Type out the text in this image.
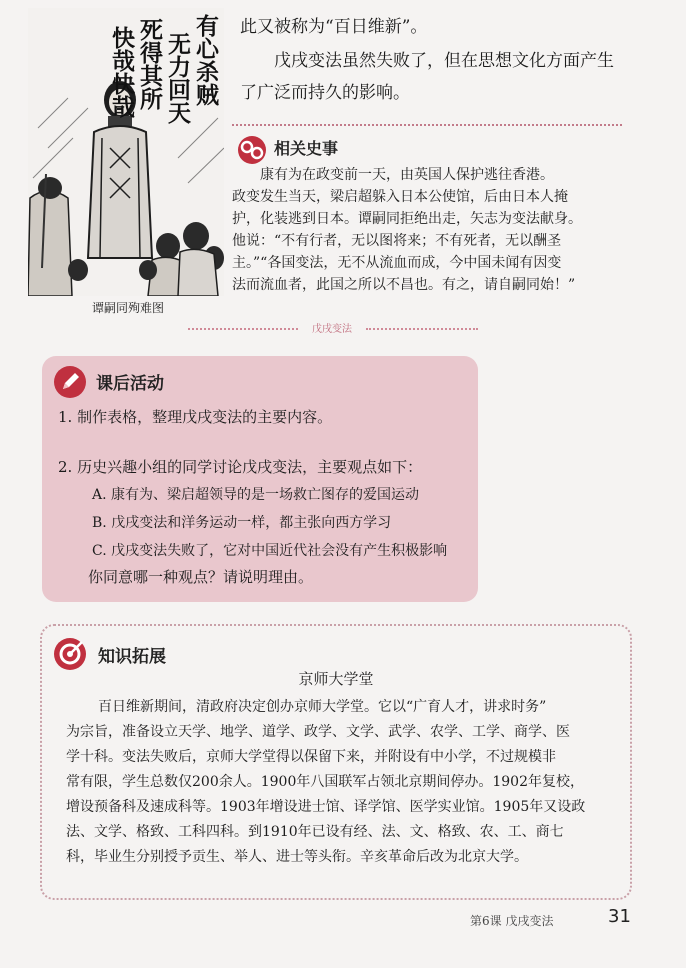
有心杀贼
无力回天
死得其所
快哉快哉
谭嗣同殉难图
此又被称为“百日维新”。
戊戌变法虽然失败了，但在思想文化方面产生
了广泛而持久的影响。
相关史事
康有为在政变前一天，由英国人保护逃往香港。
政变发生当天，梁启超躲入日本公使馆，后由日本人掩
护，化装逃到日本。谭嗣同拒绝出走，矢志为变法献身。
他说：“不有行者，无以图将来；不有死者，无以酬圣
主。”“各国变法，无不从流血而成，今中国未闻有因变
法而流血者，此国之所以不昌也。有之，请自嗣同始！”
戊戌变法
课后活动
1. 制作表格，整理戊戌变法的主要内容。
2. 历史兴趣小组的同学讨论戊戌变法，主要观点如下：
A. 康有为、梁启超领导的是一场救亡图存的爱国运动
B. 戊戌变法和洋务运动一样，都主张向西方学习
C. 戊戌变法失败了，它对中国近代社会没有产生积极影响
你同意哪一种观点？请说明理由。
知识拓展
京师大学堂
百日维新期间，清政府决定创办京师大学堂。它以“广育人才，讲求时务”
为宗旨，准备设立天学、地学、道学、政学、文学、武学、农学、工学、商学、医
学十科。变法失败后，京师大学堂得以保留下来，并附设有中小学，不过规模非
常有限，学生总数仅200余人。1900年八国联军占领北京期间停办。1902年复校，
增设预备科及速成科等。1903年增设进士馆、译学馆、医学实业馆。1905年又设政
法、文学、格致、工科四科。到1910年已设有经、法、文、格致、农、工、商七
科，毕业生分别授予贡生、举人、进士等头衔。辛亥革命后改为北京大学。
第6课 戊戌变法	31
